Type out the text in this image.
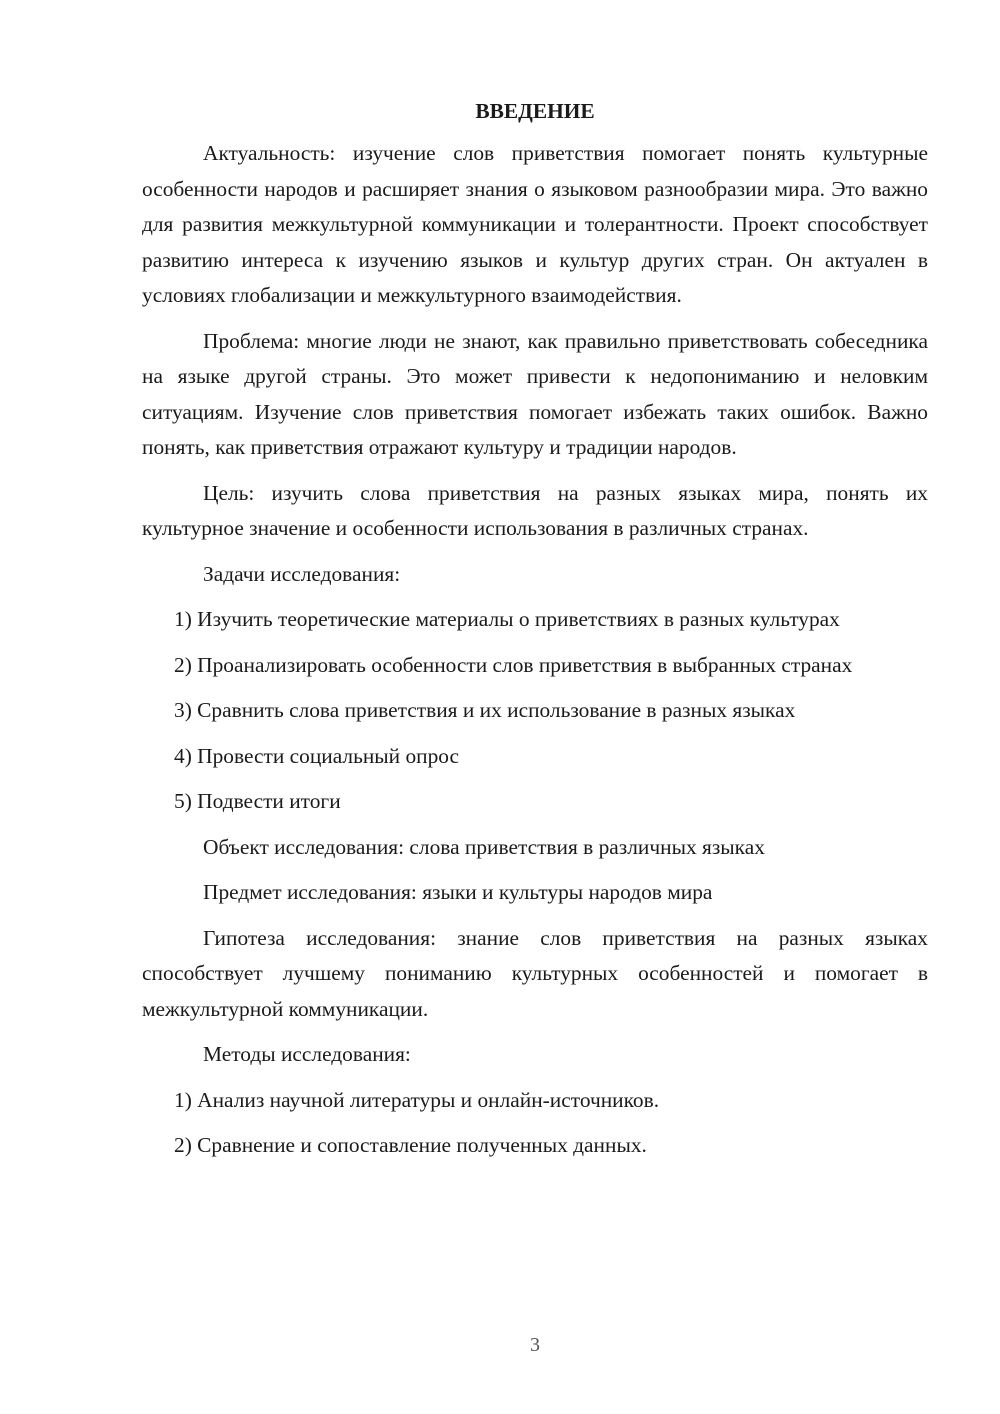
ВВЕДЕНИЕ

Актуальность: изучение слов приветствия помогает понять культурные особенности народов и расширяет знания о языковом разнообразии мира. Это важно для развития межкультурной коммуникации и толерантности. Проект способствует развитию интереса к изучению языков и культур других стран. Он актуален в условиях глобализации и межкультурного взаимодействия.

Проблема: многие люди не знают, как правильно приветствовать собеседника на языке другой страны. Это может привести к недопониманию и неловким ситуациям. Изучение слов приветствия помогает избежать таких ошибок. Важно понять, как приветствия отражают культуру и традиции народов.

Цель: изучить слова приветствия на разных языках мира, понять их культурное значение и особенности использования в различных странах.

Задачи исследования:

1) Изучить теоретические материалы о приветствиях в разных культурах

2) Проанализировать особенности слов приветствия в выбранных странах

3) Сравнить слова приветствия и их использование в разных языках

4) Провести социальный опрос

5) Подвести итоги

Объект исследования: слова приветствия в различных языках

Предмет исследования: языки и культуры народов мира

Гипотеза исследования: знание слов приветствия на разных языках способствует лучшему пониманию культурных особенностей и помогает в межкультурной коммуникации.

Методы исследования:

1) Анализ научной литературы и онлайн-источников.

2) Сравнение и сопоставление полученных данных.

3
